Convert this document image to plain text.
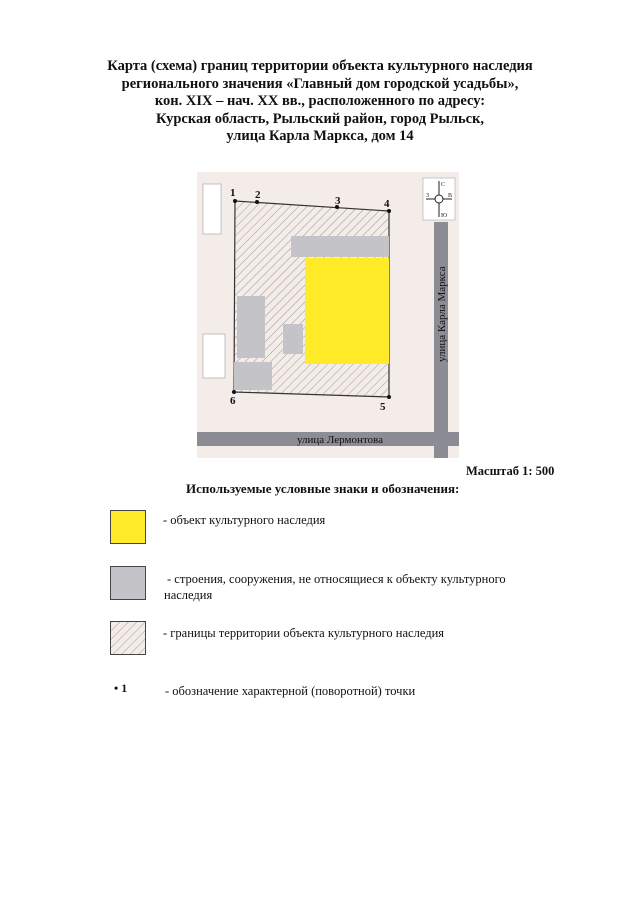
Карта (схема) границ территории объекта культурного наследия
регионального значения «Главный дом городской усадьбы»,
кон. XIX – нач. XX вв., расположенного по адресу:
Курская область, Рыльский район, город Рыльск,
улица Карла Маркса, дом 14
улица Лермонтова
улица Карла Маркса
1 2	3	4
5
6
С
Ю
З	В
Масштаб 1: 500
Используемые условные знаки и обозначения:
- объект культурного наследия
- строения, сооружения, не относящиеся к объекту культурного
наследия
- границы территории объекта культурного наследия
• 1	- обозначение характерной (поворотной) точки
